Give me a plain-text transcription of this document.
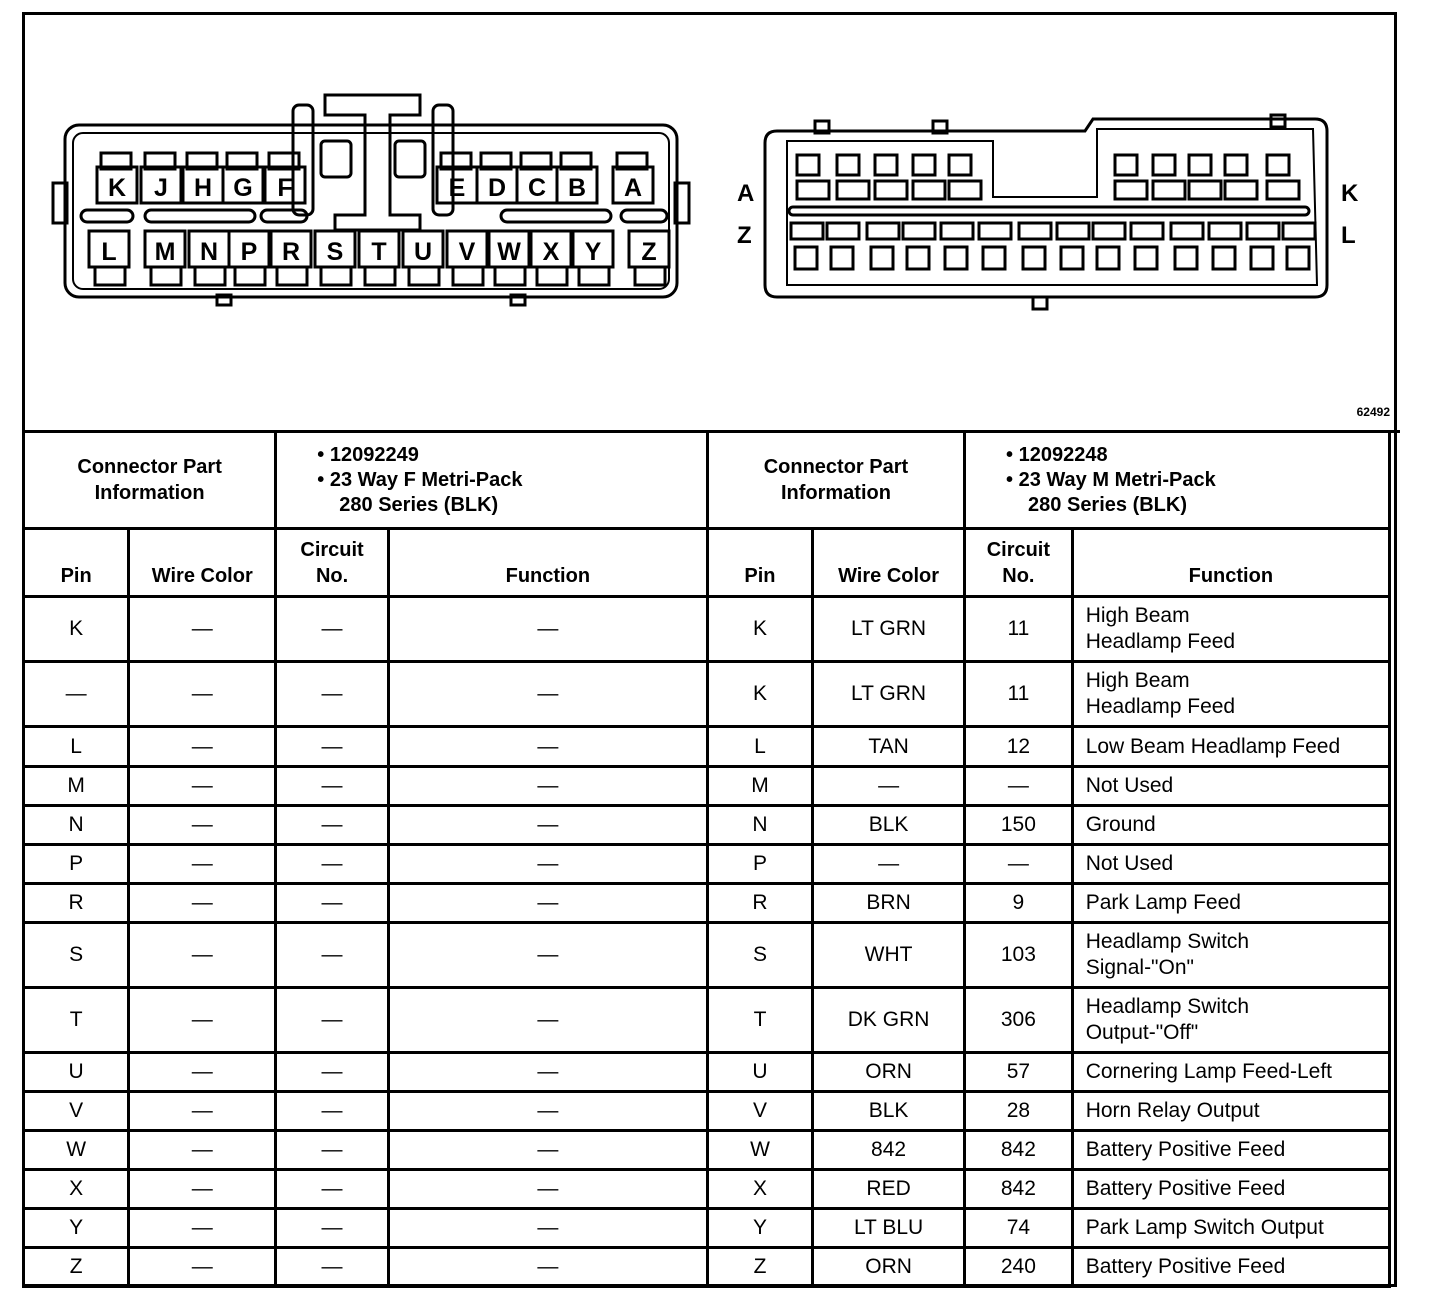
K J H G F	E D C B A
L M N P R S T U V W X Y Z
A
Z
K
L
62492
Connector Part
Information		• 12092249
• 23 Way F Metri-Pack
280 Series (BLK)		Connector Part
Information		• 12092248
• 23 Way M Metri-Pack
280 Series (BLK)	

Pin	Wire Color	Circuit
No.	Function	Pin	Wire Color	Circuit
No.	Function
K	—	—	—	K	LT GRN	11	High Beam
Headlamp Feed

—	—	—	—	K	LT GRN	11	High Beam
Headlamp Feed

L	—	—	—	L	TAN	12	Low Beam Headlamp Feed

M	—	—	—	M	—	—	Not Used

N	—	—	—	N	BLK	150	Ground

P	—	—	—	P	—	—	Not Used

R	—	—	—	R	BRN	9	Park Lamp Feed

S	—	—	—	S	WHT	103	Headlamp Switch
Signal-"On"

T	—	—	—	T	DK GRN	306	Headlamp Switch
Output-"Off"

U	—	—	—	U	ORN	57	Cornering Lamp Feed-Left

V	—	—	—	V	BLK	28	Horn Relay Output

W	—	—	—	W	842	842	Battery Positive Feed

X	—	—	—	X	RED	842	Battery Positive Feed

Y	—	—	—	Y	LT BLU	74	Park Lamp Switch Output

Z	—	—	—	Z	ORN	240	Battery Positive Feed
